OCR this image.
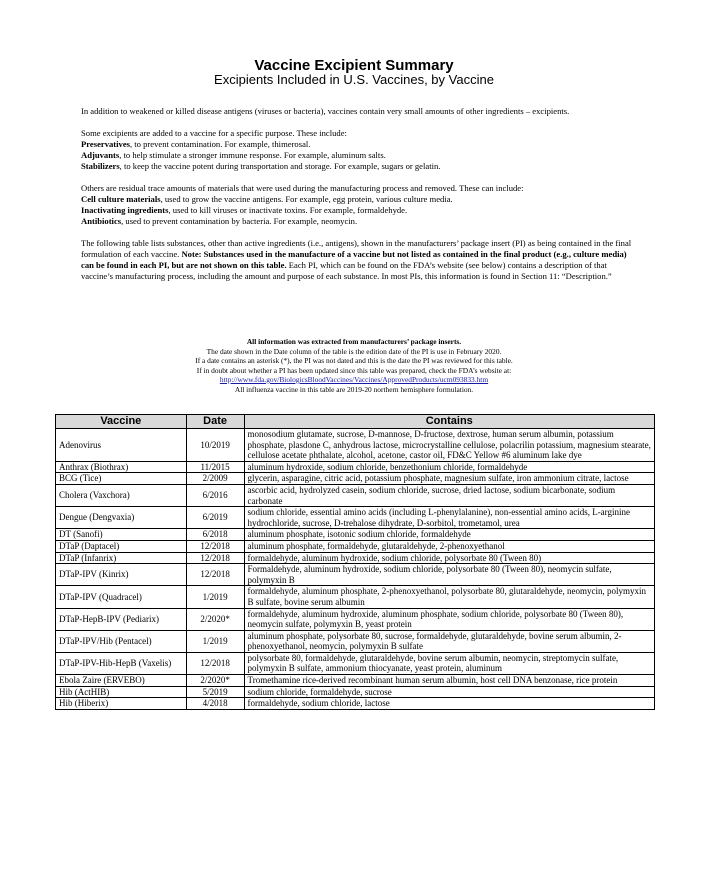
Vaccine Excipient Summary
Excipients Included in U.S. Vaccines, by Vaccine

In addition to weakened or killed disease antigens (viruses or bacteria), vaccines contain very small amounts of other ingredients – excipients.

Some excipients are added to a vaccine for a specific purpose. These include:
Preservatives, to prevent contamination. For example, thimerosal.
Adjuvants, to help stimulate a stronger immune response. For example, aluminum salts.
Stabilizers, to keep the vaccine potent during transportation and storage. For example, sugars or gelatin.

Others are residual trace amounts of materials that were used during the manufacturing process and removed. These can include:
Cell culture materials, used to grow the vaccine antigens. For example, egg protein, various culture media.
Inactivating ingredients, used to kill viruses or inactivate toxins. For example, formaldehyde.
Antibiotics, used to prevent contamination by bacteria. For example, neomycin.

The following table lists substances, other than active ingredients (i.e., antigens), shown in the manufacturers’ package insert (PI) as being contained in the final formulation of each vaccine. Note: Substances used in the manufacture of a vaccine but not listed as contained in the final product (e.g., culture media) can be found in each PI, but are not shown on this table. Each PI, which can be found on the FDA’s website (see below) contains a description of that vaccine’s manufacturing process, including the amount and purpose of each substance. In most PIs, this information is found in Section 11: “Description.”

All information was extracted from manufacturers’ package inserts.
The date shown in the Date column of the table is the edition date of the PI is use in February 2020.
If a date contains an asterisk (*), the PI was not dated and this is the date the PI was reviewed for this table.
If in doubt about whether a PI has been updated since this table was prepared, check the FDA’s website at:
http://www.fda.gov/BiologicsBloodVaccines/Vaccines/ApprovedProducts/ucm093833.htm
All influenza vaccine in this table are 2019-20 northern hemisphere formulation.
Vaccine	Date	Contains
Adenovirus	10/2019	monosodium glutamate, sucrose, D-mannose, D-fructose, dextrose, human serum albumin, potassium phosphate, plasdone C, anhydrous lactose, microcrystalline cellulose, polacrilin potassium, magnesium stearate, cellulose acetate phthalate, alcohol, acetone, castor oil, FD&C Yellow #6 aluminum lake dye
Anthrax (Biothrax)	11/2015	aluminum hydroxide, sodium chloride, benzethonium chloride, formaldehyde
BCG (Tice)	2/2009	glycerin, asparagine, citric acid, potassium phosphate, magnesium sulfate, iron ammonium citrate, lactose
Cholera (Vaxchora)	6/2016	ascorbic acid, hydrolyzed casein, sodium chloride, sucrose, dried lactose, sodium bicarbonate, sodium carbonate
Dengue (Dengvaxia)	6/2019	sodium chloride, essential amino acids (including L-phenylalanine), non-essential amino acids, L-arginine hydrochloride, sucrose, D-trehalose dihydrate, D-sorbitol, trometamol, urea
DT (Sanofi)	6/2018	aluminum phosphate, isotonic sodium chloride, formaldehyde
DTaP (Daptacel)	12/2018	aluminum phosphate, formaldehyde, glutaraldehyde, 2-phenoxyethanol
DTaP (Infanrix)	12/2018	formaldehyde, aluminum hydroxide, sodium chloride, polysorbate 80 (Tween 80)
DTaP-IPV (Kinrix)	12/2018	Formaldehyde, aluminum hydroxide, sodium chloride, polysorbate 80 (Tween 80), neomycin sulfate, polymyxin B
DTaP-IPV (Quadracel)	1/2019	formaldehyde, aluminum phosphate, 2-phenoxyethanol, polysorbate 80, glutaraldehyde, neomycin, polymyxin B sulfate, bovine serum albumin
DTaP-HepB-IPV (Pediarix)	2/2020*	formaldehyde, aluminum hydroxide, aluminum phosphate, sodium chloride, polysorbate 80 (Tween 80), neomycin sulfate, polymyxin B, yeast protein
DTaP-IPV/Hib (Pentacel)	1/2019	aluminum phosphate, polysorbate 80, sucrose, formaldehyde, glutaraldehyde, bovine serum albumin, 2-phenoxyethanol, neomycin, polymyxin B sulfate
DTaP-IPV-Hib-HepB (Vaxelis)	12/2018	polysorbate 80, formaldehyde, glutaraldehyde, bovine serum albumin, neomycin, streptomycin sulfate, polymyxin B sulfate, ammonium thiocyanate, yeast protein, aluminum
Ebola Zaire (ERVEBO)	2/2020*	Tromethamine rice-derived recombinant human serum albumin, host cell DNA benzonase, rice protein
Hib (ActHIB)	5/2019	sodium chloride, formaldehyde, sucrose
Hib (Hiberix)	4/2018	formaldehyde, sodium chloride, lactose
